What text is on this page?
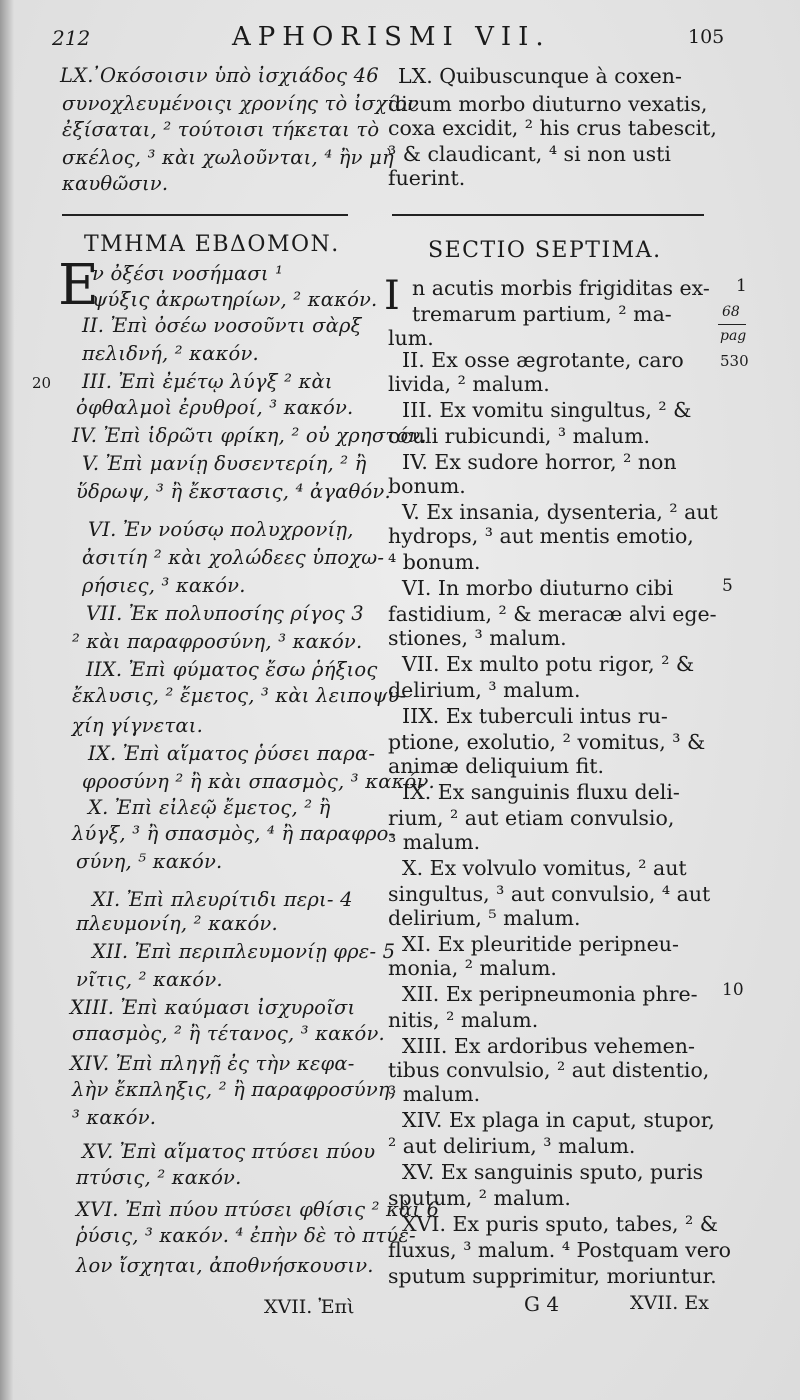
212	APHORISMI VII.	105
LX. ̓Οκόσοισιν ὑπὸ ἰσχιάδος 46
συνοχλευμένοιςι χρονίης τὸ ἰσχίον
ἐξίσαται, ² τούτοισι τήκεται τὸ
σκέλος, ³ κὰι χωλοῦνται, ⁴ ἢν μὴ
καυθῶσιν.
ν ὀξέσι νοσήμασι ¹
ψύξις ἀκρωτηρίων, ² κακόν.
II. Ἐπὶ ὀσέω νοσοῦντι σὰρξ
πελιδνή, ² κακόν.
III. Ἐπὶ ἐμέτῳ λύγξ ² κὰι
ὀφθαλμοὶ ἐρυθροί, ³ κακόν.
IV. Ἐπὶ ἱδρῶτι φρίκη, ² οὐ χρηστόν.
V. Ἐπὶ μανίῃ δυσεντερίη, ² ἢ
ὕδρωψ, ³ ἢ ἔκστασις, ⁴ ἀγαθόν.
VI. Ἐν νούσῳ πολυχρονίῃ,
ἀσιτίη ² κὰι χολώδεες ὑποχω-
ρήσιες, ³ κακόν.
VII. Ἐκ πολυποσίης ρίγος 3
² κὰι παραφροσύνη, ³ κακόν.
IIX. Ἐπὶ φύματος ἔσω ῥήξιος
ἔκλυσις, ² ἔμετος, ³ κὰι λειποψυ-
χίη γίγνεται.
IX. Ἐπὶ αἵματος ῥύσει παρα-
φροσύνη ² ἢ κὰι σπασμὸς, ³ κακόν.
X. Ἐπὶ εἰλεῷ ἔμετος, ² ἢ
λύγξ, ³ ἢ σπασμὸς, ⁴ ἢ παραφρο-
σύνη, ⁵ κακόν.
XI. Ἐπὶ πλευρίτιδι περι- 4
πλευμονίη, ² κακόν.
XII. Ἐπὶ περιπλευμονίῃ φρε- 5
νῖτις, ² κακόν.
XIII. Ἐπὶ καύμασι ἰσχυροῖσι
σπασμὸς, ² ἢ τέτανος, ³ κακόν.
XIV. Ἐπὶ πληγῇ ἐς τὴν κεφα-
λὴν ἔκπληξις, ² ἢ παραφροσύνη,
³ κακόν.
XV. Ἐπὶ αἵματος πτύσει πύου
πτύσις, ² κακόν.
XVI. Ἐπὶ πύου πτύσει φθίσις ² κὰι 6
ῥύσις, ³ κακόν. ⁴ ἐπὴν δὲ τὸ πτύε-
λον ἴσχηται, ἀποθνήσκουσιν.
LX. Quibuscunque à coxen-
dicum morbo diuturno vexatis,
coxa excidit, ² his crus tabescit,
³ & claudicant, ⁴ si non usti
fuerint.
n acutis morbis frigiditas ex-
tremarum partium, ² ma-
lum.
II. Ex osse ægrotante, caro
livida, ² malum.
III. Ex vomitu singultus, ² &
oculi rubicundi, ³ malum.
IV. Ex sudore horror, ² non
bonum.
V. Ex insania, dysenteria, ² aut
hydrops, ³ aut mentis emotio,
⁴ bonum.
VI. In morbo diuturno cibi
fastidium, ² & meracæ alvi ege-
stiones, ³ malum.
VII. Ex multo potu rigor, ² &
delirium, ³ malum.
IIX. Ex tuberculi intus ru-
ptione, exolutio, ² vomitus, ³ &
animæ deliquium fit.
IX. Ex sanguinis fluxu deli-
rium, ² aut etiam convulsio,
³ malum.
X. Ex volvulo vomitus, ² aut
singultus, ³ aut convulsio, ⁴ aut
delirium, ⁵ malum.
XI. Ex pleuritide peripneu-
monia, ² malum.
XII. Ex peripneumonia phre-
nitis, ² malum.
XIII. Ex ardoribus vehemen-
tibus convulsio, ² aut distentio,
³ malum.
XIV. Ex plaga in caput, stupor,
² aut delirium, ³ malum.
XV. Ex sanguinis sputo, puris
sputum, ² malum.
XVI. Ex puris sputo, tabes, ² &
fluxus, ³ malum. ⁴ Postquam vero
sputum supprimitur, moriuntur.
ΤΜΗΜΑ ΕΒΔΟΜΟΝ.	SECTIO SEPTIMA.
E	I	1
68
pag
530
20
5
10
XVII. Ἐπὶ	G 4	XVII. Ex
